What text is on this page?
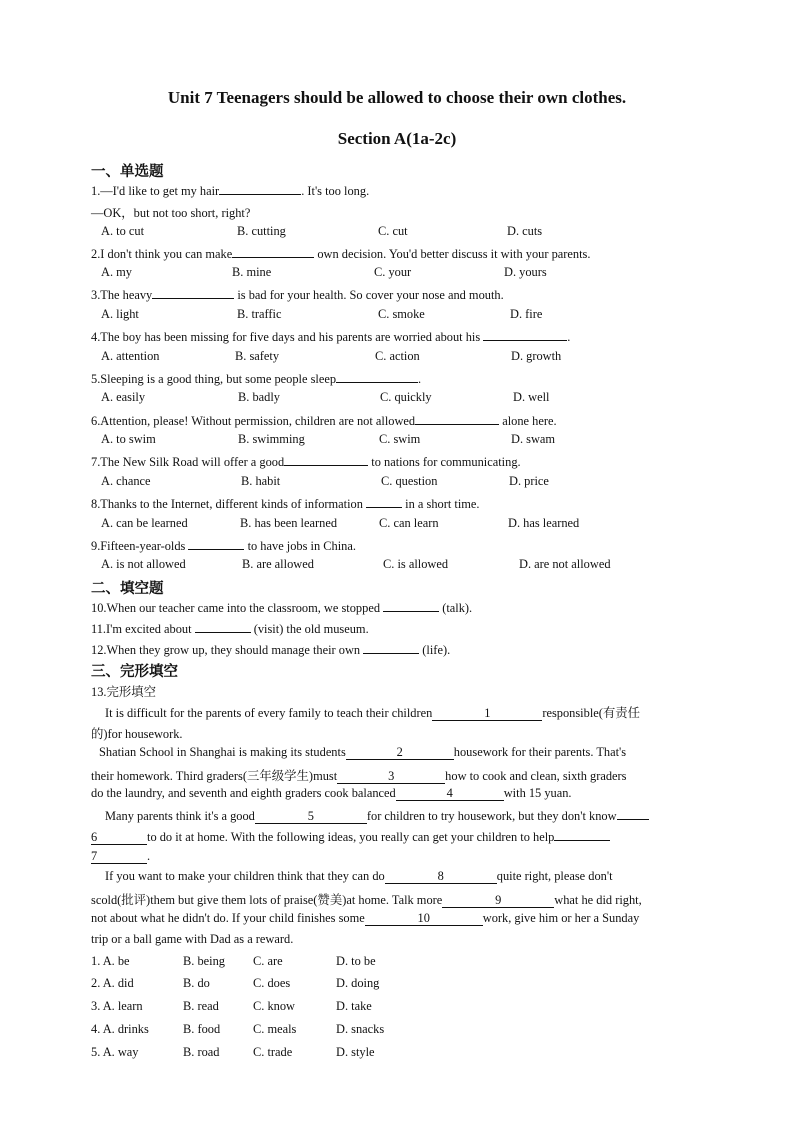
Unit 7 Teenagers should be allowed to choose their own clothes.
Section A(1a-2c)
一、单选题
1.—I'd like to get my hair	. It's too long.
—OK，but not too short, right?
A. to cut	B. cutting	C. cut	D. cuts
2.I don't think you can make	own decision. You'd better discuss it with your parents.
A. my	B. mine	C. your	D. yours
3.The heavy	is bad for your health. So cover your nose and mouth.
A. light	B. traffic	C. smoke	D. fire
4.The boy has been missing for five days and his parents are worried about his	.
A. attention	B. safety	C. action	D. growth
5.Sleeping is a good thing, but some people sleep	.
A. easily	B. badly	C. quickly	D. well
6.Attention, please! Without permission, children are not allowed	alone here.
A. to swim	B. swimming	C. swim	D. swam
7.The New Silk Road will offer a good	to nations for communicating.
A. chance	B. habit	C. question	D. price
8.Thanks to the Internet, different kinds of information	in a short time.
A. can be learned	B. has been learned	C. can learn	D. has learned
9.Fifteen-year-olds	to have jobs in China.
A. is not allowed	B. are allowed	C. is allowed	D. are not allowed
二、填空题
10.When our teacher came into the classroom, we stopped	(talk).
11.I'm excited about	(visit) the old museum.
12.When they grow up, they should manage their own	(life).
三、完形填空
13.完形填空
It is difficult for the parents of every family to teach their children	1	responsible(有责任
的)for housework.
Shatian School in Shanghai is making its students	2	housework for their parents. That's
their homework. Third graders(三年级学生)must	3	how to cook and clean, sixth graders
do the laundry, and seventh and eighth graders cook balanced	4	with 15 yuan.
Many parents think it's a good	5	for children to try housework, but they don't know
6	to do it at home. With the following ideas, you really can get your children to help
7	.
If you want to make your children think that they can do	8	quite right, please don't
scold(批评)them but give them lots of praise(赞美)at home. Talk more	9	what he did right,
not about what he didn't do. If your child finishes some	10	work, give him or her a Sunday
trip or a ball game with Dad as a reward.
1. A. be	B. being C. are	D. to be
2. A. did	B. do	C. does	D. doing
3. A. learn	B. read	C. know	D. take
4. A. drinks	B. food	C. meals	D. snacks
5. A. way	B. road	C. trade	D. style
